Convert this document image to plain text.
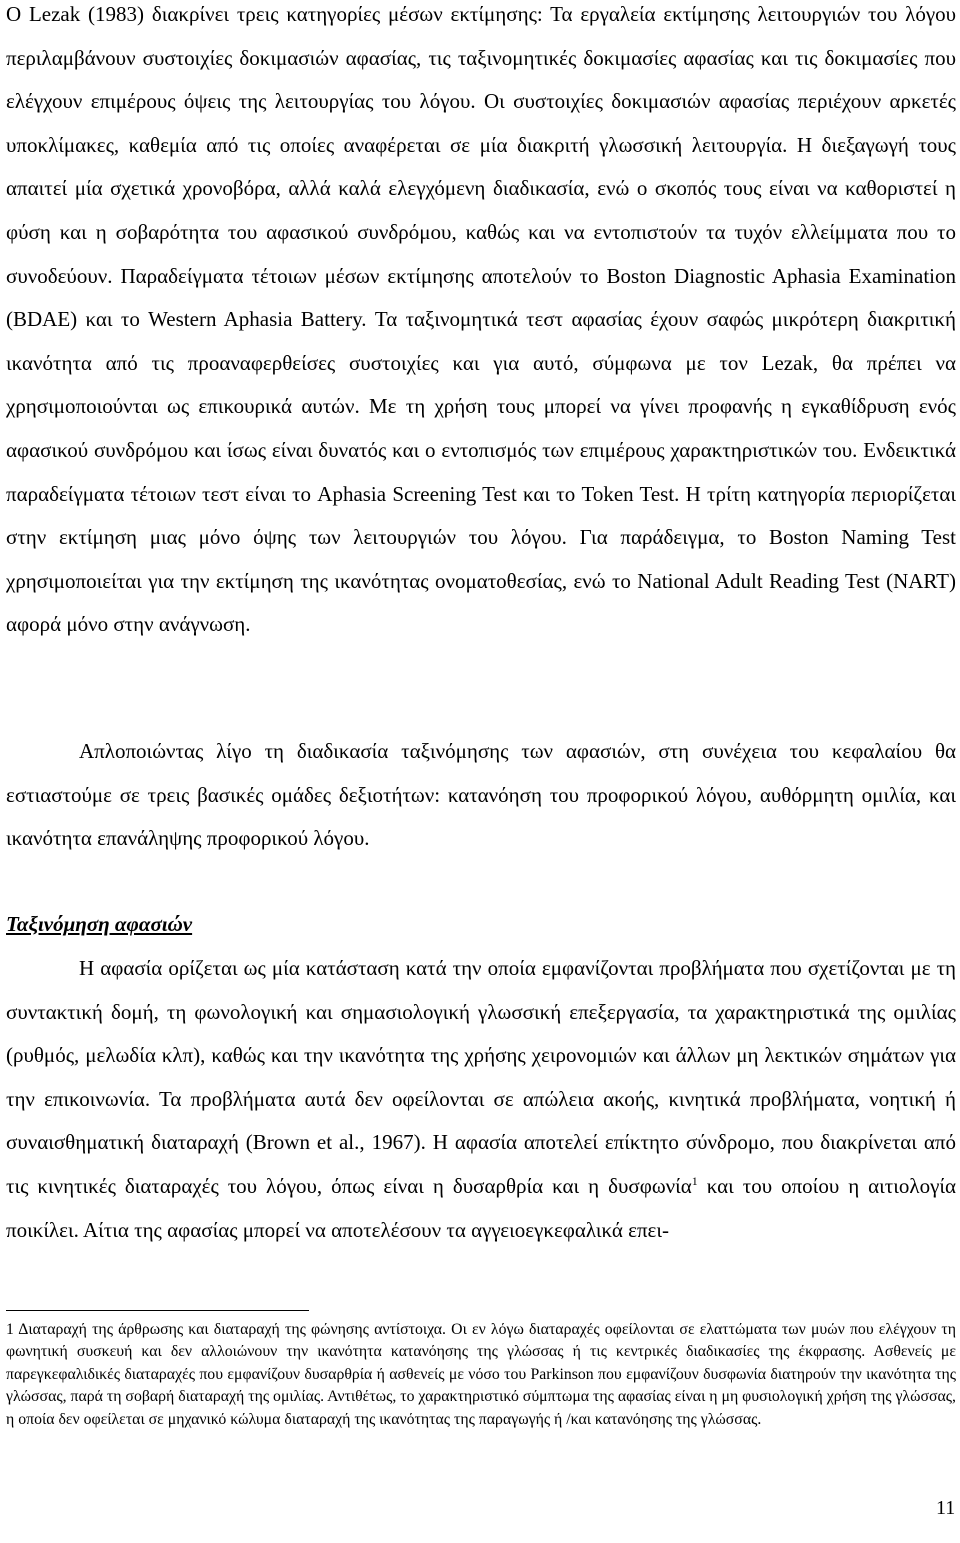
Ο Lezak (1983) διακρίνει τρεις κατηγορίες μέσων εκτίμησης: Τα εργαλεία εκτίμησης λειτουργιών του λόγου περιλαμβάνουν συστοιχίες δοκιμασιών αφασίας, τις ταξινομητικές δοκιμασίες αφασίας και τις δοκιμασίες που ελέγχουν επιμέρους όψεις της λειτουργίας του λόγου. Οι συστοιχίες δοκιμασιών αφασίας περιέχουν αρκετές υποκλίμακες, καθεμία από τις οποίες αναφέρεται σε μία διακριτή γλωσσική λειτουργία. Η διεξαγωγή τους απαιτεί μία σχετικά χρονοβόρα, αλλά καλά ελεγχόμενη διαδικασία, ενώ ο σκοπός τους είναι να καθοριστεί η φύση και η σοβαρότητα του αφασικού συνδρόμου, καθώς και να εντοπιστούν τα τυχόν ελλείμματα που το συνοδεύουν. Παραδείγματα τέτοιων μέσων εκτίμησης αποτελούν το Boston Diagnostic Aphasia Examination (BDAE) και το Western Aphasia Battery. Τα ταξινομητικά τεστ αφασίας έχουν σαφώς μικρότερη διακριτική ικανότητα από τις προαναφερθείσες συστοιχίες και για αυτό, σύμφωνα με τον Lezak, θα πρέπει να χρησιμοποιούνται ως επικουρικά αυτών. Με τη χρήση τους μπορεί να γίνει προφανής η εγκαθίδρυση ενός αφασικού συνδρόμου και ίσως είναι δυνατός και ο εντοπισμός των επιμέρους χαρακτηριστικών του. Ενδεικτικά παραδείγματα τέτοιων τεστ είναι το Aphasia Screening Test και το Token Test. Η τρίτη κατηγορία περιορίζεται στην εκτίμηση μιας μόνο όψης των λειτουργιών του λόγου. Για παράδειγμα, το Boston Naming Test χρησιμοποιείται για την εκτίμηση της ικανότητας ονοματοθεσίας, ενώ το National Adult Reading Test (NART) αφορά μόνο στην ανάγνωση.

Απλοποιώντας λίγο τη διαδικασία ταξινόμησης των αφασιών, στη συνέχεια του κεφαλαίου θα εστιαστούμε σε τρεις βασικές ομάδες δεξιοτήτων: κατανόηση του προφορικού λόγου, αυθόρμητη ομιλία, και ικανότητα επανάληψης προφορικού λόγου.

Ταξινόμηση αφασιών

Η αφασία ορίζεται ως μία κατάσταση κατά την οποία εμφανίζονται προβλήματα που σχετίζονται με τη συντακτική δομή, τη φωνολογική και σημασιολογική γλωσσική επεξεργασία, τα χαρακτηριστικά της ομιλίας (ρυθμός, μελωδία κλπ), καθώς και την ικανότητα της χρήσης χειρονομιών και άλλων μη λεκτικών σημάτων για την επικοινωνία. Τα προβλήματα αυτά δεν οφείλονται σε απώλεια ακοής, κινητικά προβλήματα, νοητική ή συναισθηματική διαταραχή (Brown et al., 1967). Η αφασία αποτελεί επίκτητο σύνδρομο, που διακρίνεται από τις κινητικές διαταραχές του λόγου, όπως είναι η δυσαρθρία και η δυσφωνία$^1$ και του οποίου η αιτιολογία ποικίλει. Αίτια της αφασίας μπορεί να αποτελέσουν τα αγγειοεγκεφαλικά επει-

1 Διαταραχή της άρθρωσης και διαταραχή της φώνησης αντίστοιχα. Οι εν λόγω διαταραχές οφείλονται σε ελαττώματα των μυών που ελέγχουν τη φωνητική συσκευή και δεν αλλοιώνουν την ικανότητα κατανόησης της γλώσσας ή τις κεντρικές διαδικασίες της έκφρασης. Ασθενείς με παρεγκεφαλιδικές διαταραχές που εμφανίζουν δυσαρθρία ή ασθενείς με νόσο του Parkinson που εμφανίζουν δυσφωνία διατηρούν την ικανότητα της γλώσσας, παρά τη σοβαρή διαταραχή της ομιλίας. Αντιθέτως, το χαρακτηριστικό σύμπτωμα της αφασίας είναι η μη φυσιολογική χρήση της γλώσσας, η οποία δεν οφείλεται σε μηχανικό κώλυμα διαταραχή της ικανότητας της παραγωγής ή /και κατανόησης της γλώσσας.

11
